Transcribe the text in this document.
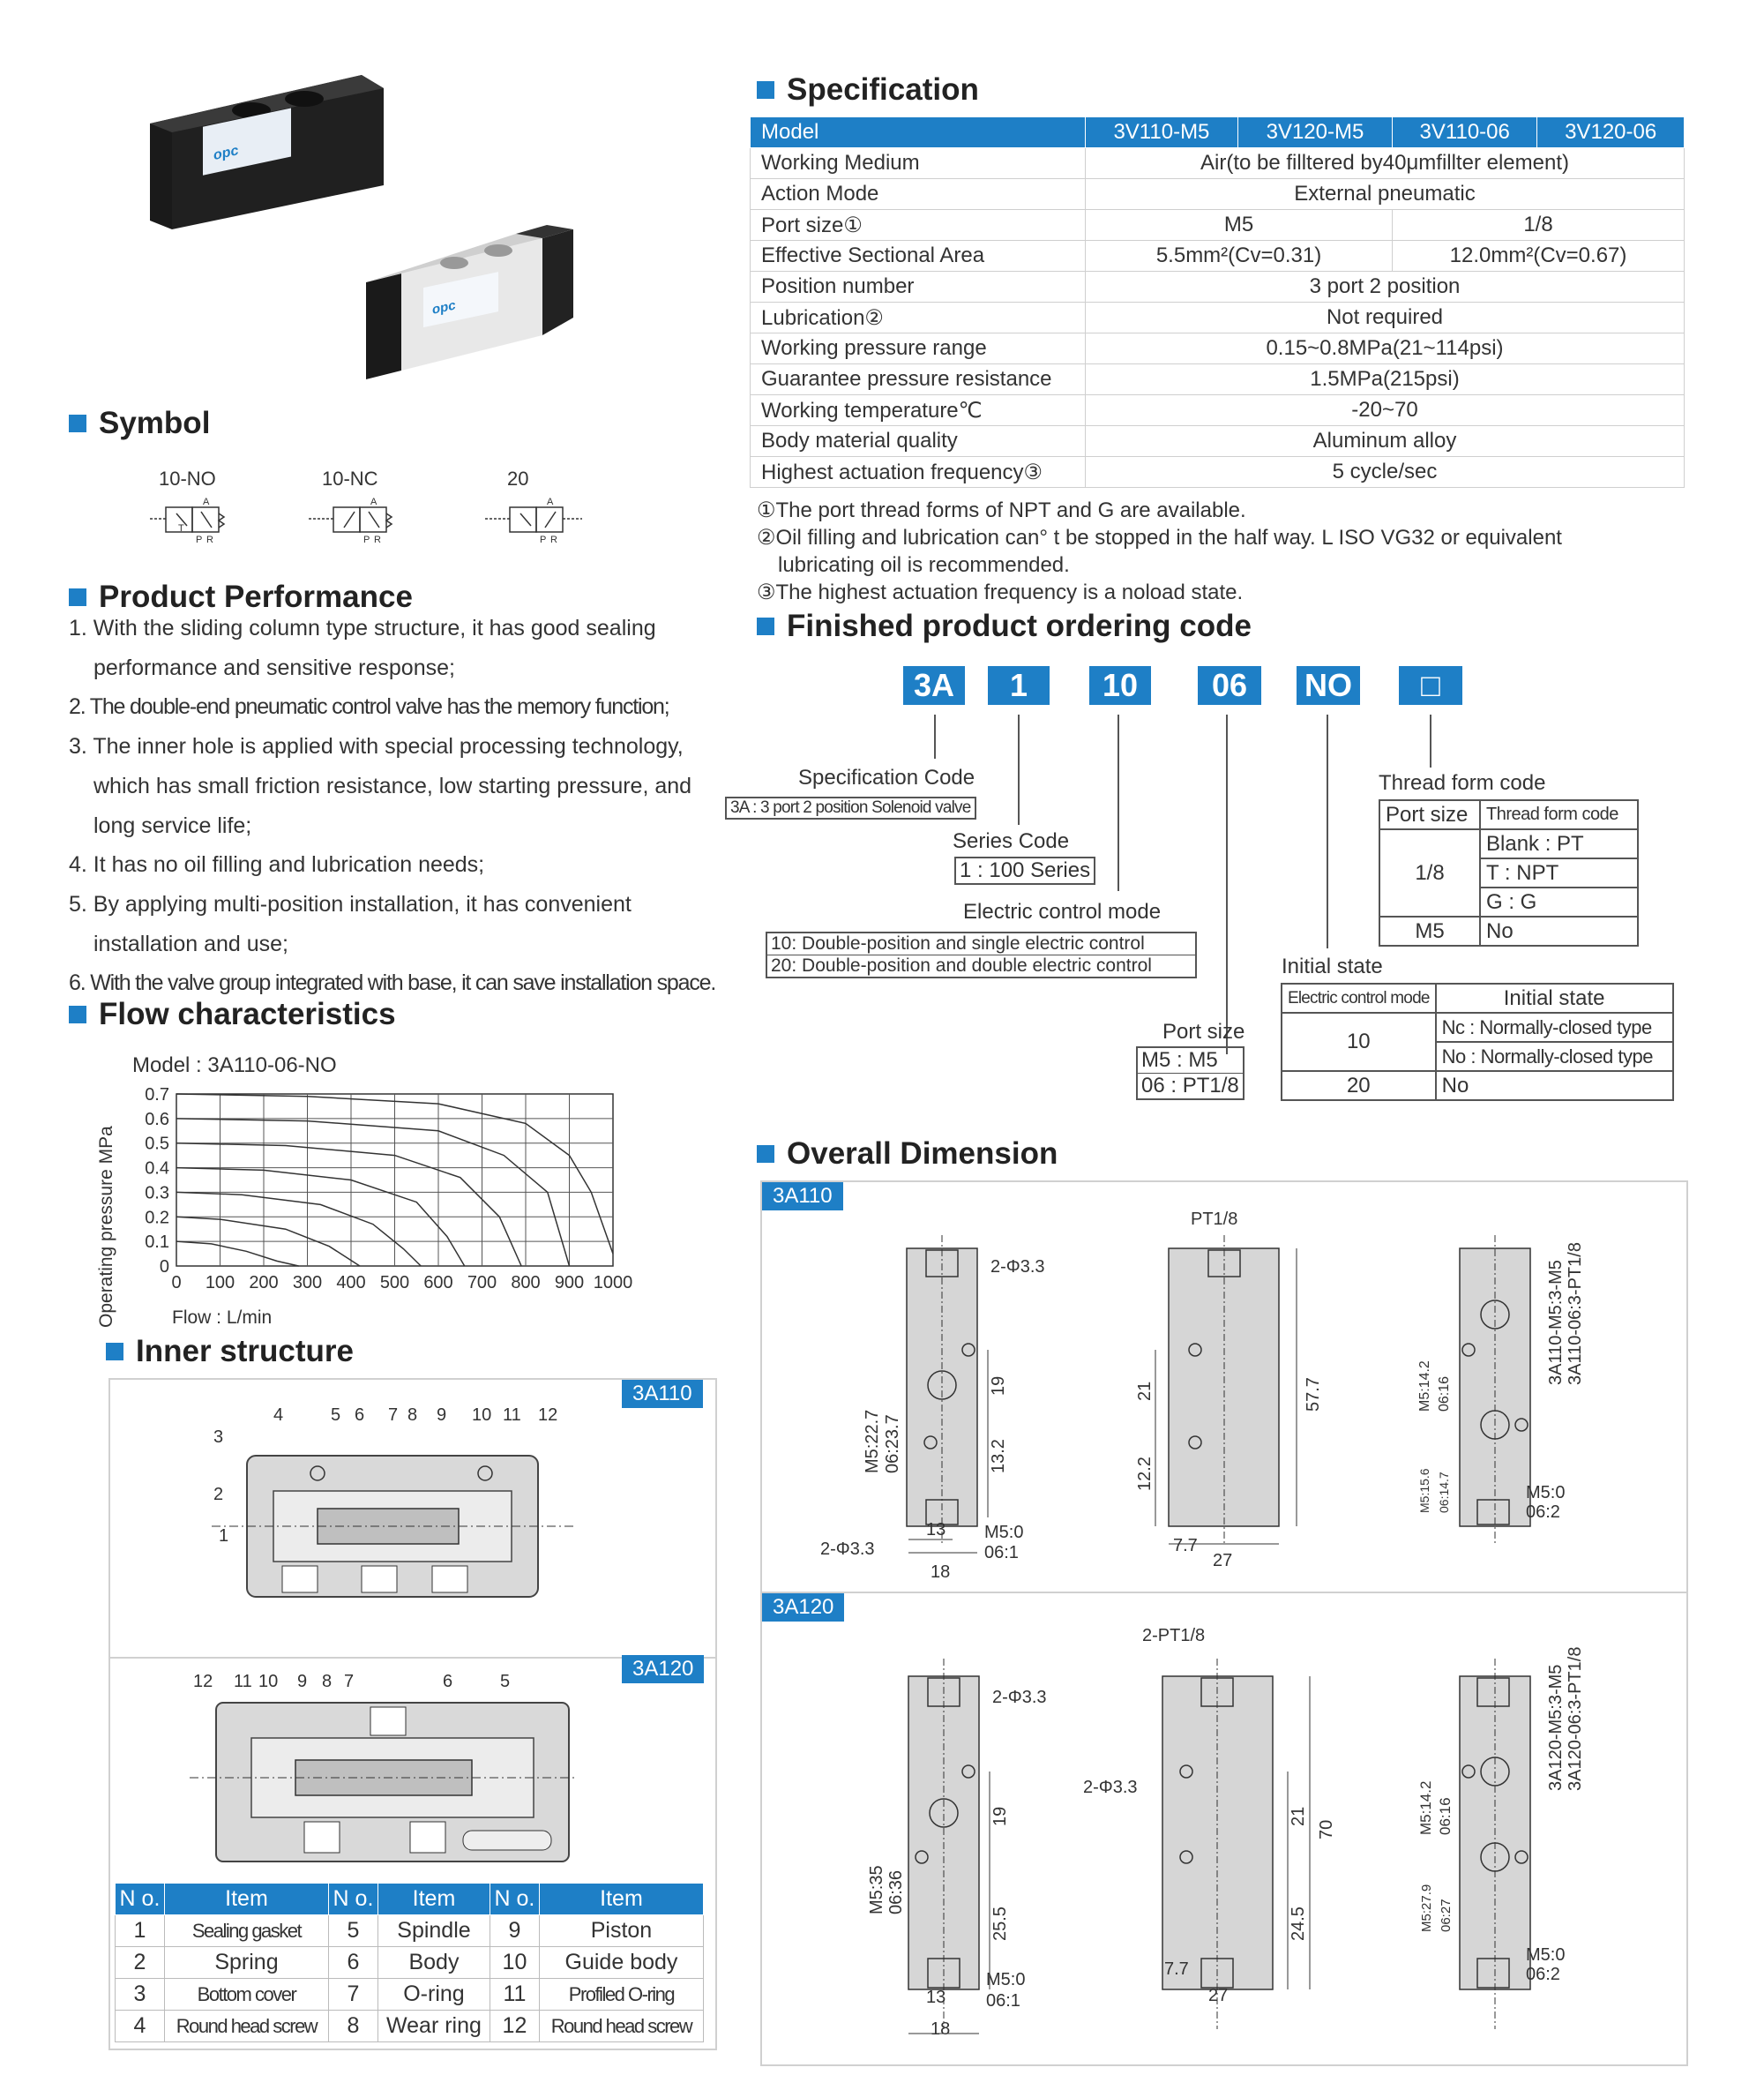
opc
opc
Specification
Symbol
Product Performance
Flow characteristics
Inner structure
Finished product ordering code
Overall Dimension
Model	3V110-M5	3V120-M5	3V110-06	3V120-06
Working Medium	Air(to be filltered by40μmfillter element)			
Action Mode	External pneumatic			
Port size①	M5		1/8	
Effective Sectional Area	5.5mm²(Cv=0.31)		12.0mm²(Cv=0.67)	
Position number	3 port 2 position			
Lubrication②	Not required			
Working pressure range	0.15~0.8MPa(21~114psi)			
Guarantee pressure resistance	1.5MPa(215psi)			
Working temperature℃	-20~70			
Body material quality	Aluminum alloy			
Highest actuation frequency③	5 cycle/sec			
①The port thread forms of NPT and G are available.
②Oil filling and lubrication can° t be stopped in the half way. L ISO VG32 or equivalent
lubricating oil is recommended.
③The highest actuation frequency is a noload state.
10-NO	10-NC	20
A
P R
T
A
P R
A
P R
1. With the sliding column type structure, it has good sealing
performance and sensitive response;
2. The double-end pneumatic control valve has the memory function;
3. The inner hole is applied with special processing technology,
which has small friction resistance, low starting pressure, and
long service life;
4. It has no oil filling and lubrication needs;
5. By applying multi-position installation, it has convenient
installation and use;
6. With the valve group integrated with base, it can save installation space.
Model : 3A110-06-NO
Operating pressure MPa	Flow : L/min
0 100 200 300 400 500 600 700 800 900 1000
0.7
0.6
0.5
0.4
0.3
0.2
0.1
0
3A110
3A120
1
2
3
4	5 6 7 8 9 10 11 12
12 11 10 9 8 7	6	5
N o.	Item	N o.	Item	N o.	Item
1	Sealing gasket	5	Spindle	9	Piston
2	Spring	6	Body	10	Guide body
3	Bottom cover	7	O-ring	11	Profiled O-ring
4	Round head screw	8	Wear ring	12	Round head screw
3A	1	10	06	NO	□
Specification Code
3A : 3 port 2 position Solenoid valve
Series Code
1 : 100 Series
Electric control mode
10: Double-position and single electric control
20: Double-position and double electric control
Port size
M5 : M5
06 : PT1/8
Thread form code
Port size	Thread form code
1/8	Blank : PT
	T : NPT
	G : G
M5	No
Initial state
Electric control mode	Initial state
10	Nc : Normally-closed type
	No : Normally-closed type
20	No
3A110
3A120
2-Φ3.3
PT1/8
2-Φ3.3
19
13.2
13
18
M5:22.7 06:23.7
M5:0
06:1
21
12.2
7.7
27
57.7
3A110-M5:3-M5 3A110-06:3-PT1/8
M5:14.2 06:16
M5:15.6 06:14.7	M5:0
06:2
2-Φ3.3
2-PT1/8
2-Φ3.3
19
25.5
13
18
M5:35 06:36
M5:0
06:1
21
24.5
70
7.7
27
3A120-M5:3-M5 3A120-06:3-PT1/8
M5:14.2 06:16
M5:27.9 06:27
M5:0
06:2
